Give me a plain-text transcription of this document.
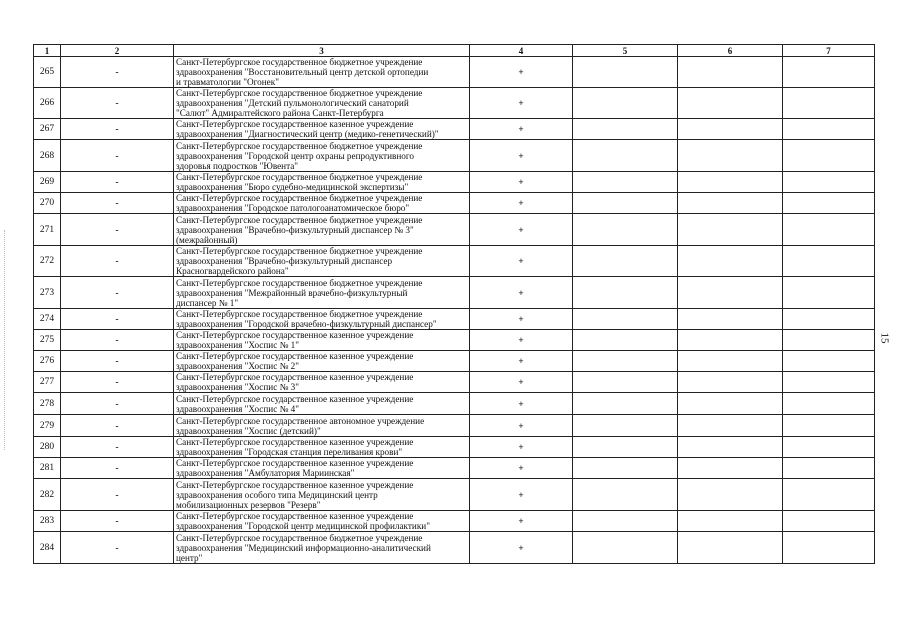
1	2	3	4	5	6	7
265	-	Санкт-Петербургское государственное бюджетное учреждение
здравоохранения "Восстановительный центр детской ортопедии
и травматологии "Огонек"	+			
266	-	Санкт-Петербургское государственное бюджетное учреждение
здравоохранения "Детский пульмонологический санаторий
"Салют" Адмиралтейского района Санкт-Петербурга	+			
267	-	Санкт-Петербургское государственное казенное учреждение
здравоохранения "Диагностический центр (медико-генетический)"	+			
268	-	Санкт-Петербургское государственное бюджетное учреждение
здравоохранения "Городской центр охраны репродуктивного
здоровья подростков "Ювента"	+			
269	-	Санкт-Петербургское государственное бюджетное учреждение
здравоохранения "Бюро судебно-медицинской экспертизы"	+			
270	-	Санкт-Петербургское государственное бюджетное учреждение
здравоохранения "Городское патологоанатомическое бюро"	+			
271	-	Санкт-Петербургское государственное бюджетное учреждение
здравоохранения "Врачебно-физкультурный диспансер № 3"
(межрайонный)	+			
272	-	Санкт-Петербургское государственное бюджетное учреждение
здравоохранения "Врачебно-физкультурный диспансер
Красногвардейского района"	+			
273	-	Санкт-Петербургское государственное бюджетное учреждение
здравоохранения "Межрайонный врачебно-физкультурный
диспансер № 1"	+			
274	-	Санкт-Петербургское государственное бюджетное учреждение
здравоохранения "Городской врачебно-физкультурный диспансер"	+			
275	-	Санкт-Петербургское государственное казенное учреждение
здравоохранения "Хоспис № 1"	+			
276	-	Санкт-Петербургское государственное казенное учреждение
здравоохранения "Хоспис № 2"	+			
277	-	Санкт-Петербургское государственное казенное учреждение
здравоохранения "Хоспис № 3"	+			
278	-	Санкт-Петербургское государственное казенное учреждение
здравоохранения "Хоспис № 4"	+			
279	-	Санкт-Петербургское государственное автономное учреждение
здравоохранения "Хоспис (детский)"	+			
280	-	Санкт-Петербургское государственное казенное учреждение
здравоохранения "Городская станция переливания крови"	+			
281	-	Санкт-Петербургское государственное казенное учреждение
здравоохранения "Амбулатория Мариинская"	+			
282	-	Санкт-Петербургское государственное казенное учреждение
здравоохранения особого типа Медицинский центр
мобилизационных резервов "Резерв"	+			
283	-	Санкт-Петербургское государственное казенное учреждение
здравоохранения "Городской центр медицинской профилактики"	+			
284	-	Санкт-Петербургское государственное бюджетное учреждение
здравоохранения "Медицинский информационно-аналитический
центр"	+			
15
